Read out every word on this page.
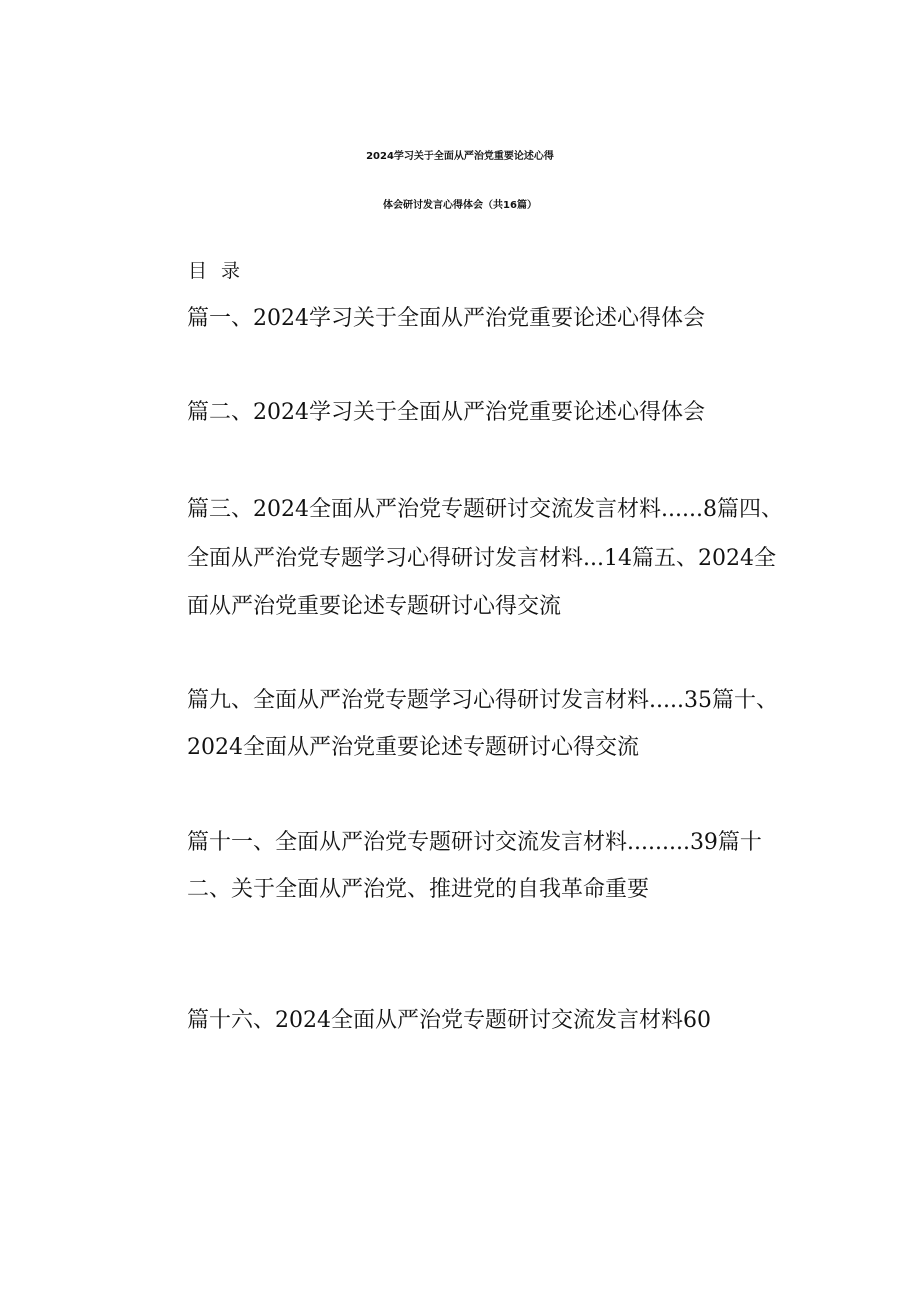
2024学习关于全面从严治党重要论述心得
体会研讨发言心得体会（共16篇）
目 录
篇一、2024学习关于全面从严治党重要论述心得体会
篇二、2024学习关于全面从严治党重要论述心得体会
篇三、2024全面从严治党专题研讨交流发言材料......8篇四、
全面从严治党专题学习心得研讨发言材料...14篇五、2024全
面从严治党重要论述专题研讨心得交流
篇九、全面从严治党专题学习心得研讨发言材料.....35篇十、
2024全面从严治党重要论述专题研讨心得交流
篇十一、全面从严治党专题研讨交流发言材料.........39篇十
二、关于全面从严治党、推进党的自我革命重要
篇十六、2024全面从严治党专题研讨交流发言材料60
